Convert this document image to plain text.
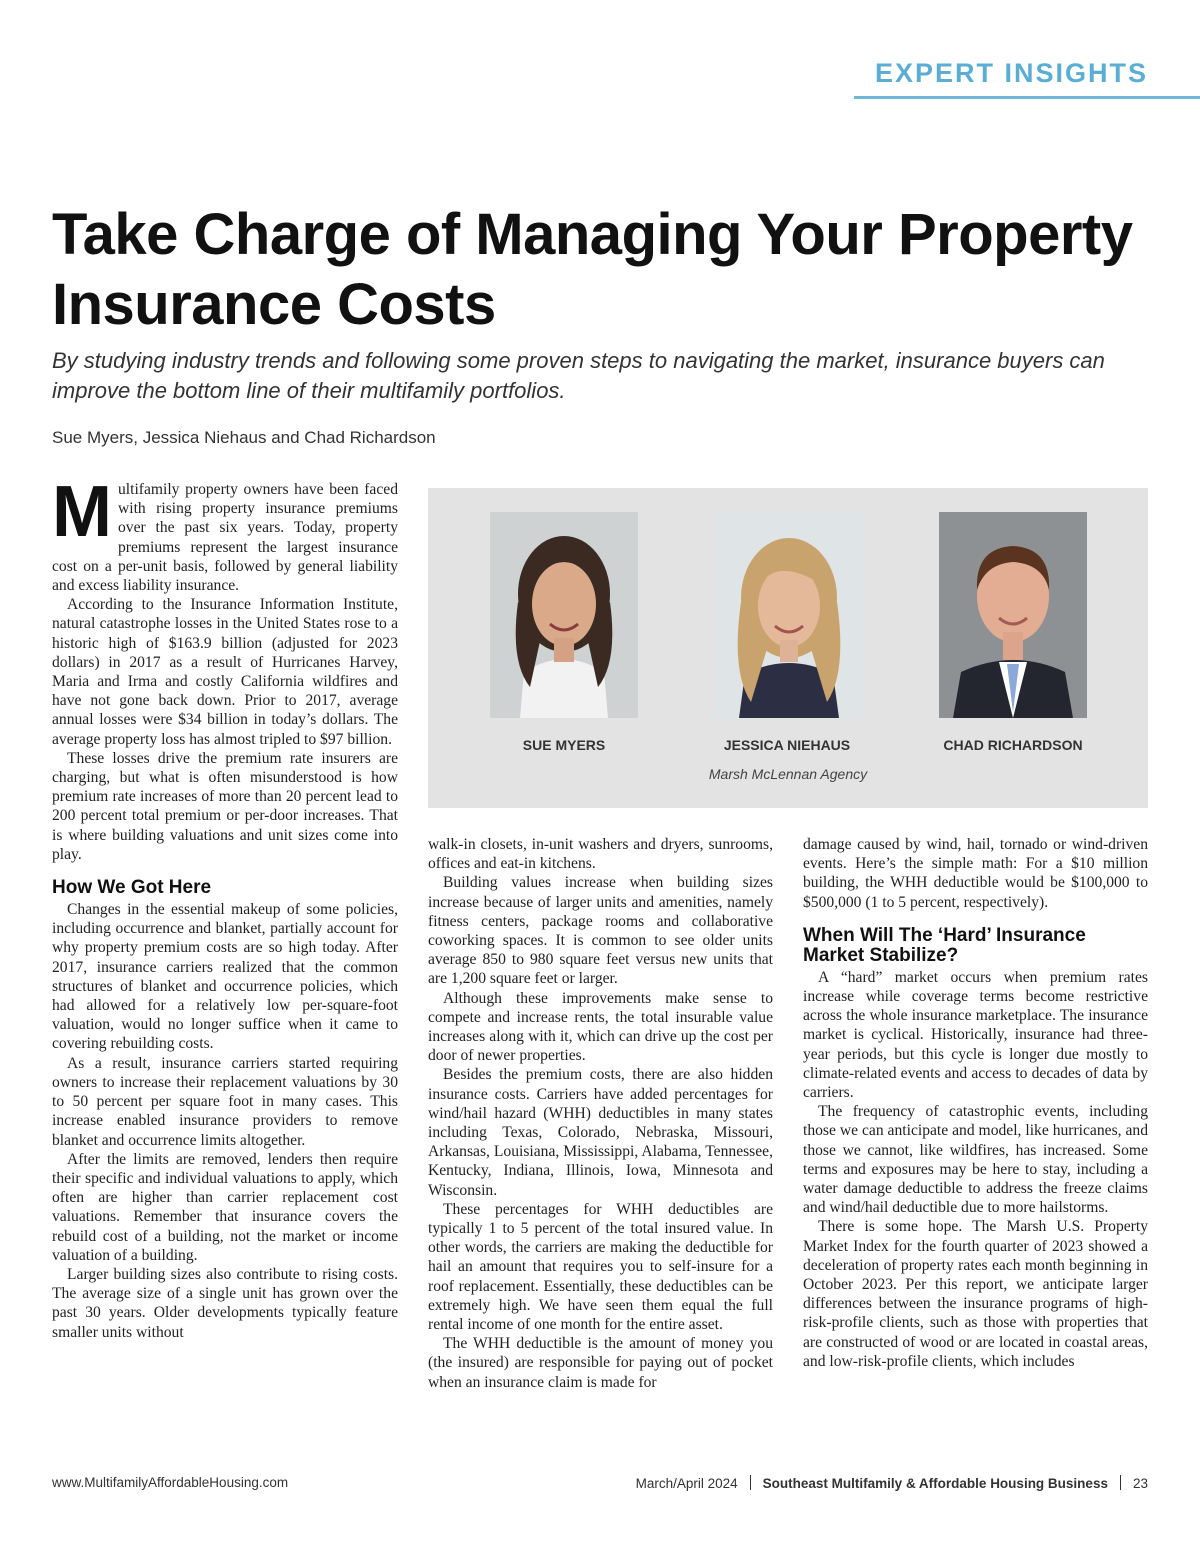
EXPERT INSIGHTS
Take Charge of Managing Your Property Insurance Costs

By studying industry trends and following some proven steps to navigating the market, insurance buyers can improve the bottom line of their multifamily portfolios.

Sue Myers, Jessica Niehaus and Chad Richardson

Multifamily property owners have been faced with rising property insurance premiums over the past six years. Today, property premiums represent the largest insurance cost on a per-unit basis, followed by general liability and excess liability insurance.

According to the Insurance Information Institute, natural catastrophe losses in the United States rose to a historic high of $163.9 billion (adjusted for 2023 dollars) in 2017 as a result of Hurricanes Harvey, Maria and Irma and costly California wildfires and have not gone back down. Prior to 2017, average annual losses were $34 billion in today’s dollars. The average property loss has almost tripled to $97 billion.

These losses drive the premium rate insurers are charging, but what is often misunderstood is how premium rate increases of more than 20 percent lead to 200 percent total premium or per-door increases. That is where building valuations and unit sizes come into play.

How We Got Here

Changes in the essential makeup of some policies, including occurrence and blanket, partially account for why property premium costs are so high today. After 2017, insurance carriers realized that the common structures of blanket and occurrence policies, which had allowed for a relatively low per-square-foot valuation, would no longer suffice when it came to covering rebuilding costs.

As a result, insurance carriers started requiring owners to increase their replacement valuations by 30 to 50 percent per square foot in many cases. This increase enabled insurance providers to remove blanket and occurrence limits altogether.

After the limits are removed, lenders then require their specific and individual valuations to apply, which often are higher than carrier replacement cost valuations. Remember that insurance covers the rebuild cost of a building, not the market or income valuation of a building.

Larger building sizes also contribute to rising costs. The average size of a single unit has grown over the past 30 years. Older developments typically feature smaller units without

SUE MYERS	JESSICA NIEHAUS	CHAD RICHARDSON
Marsh McLennan Agency

walk-in closets, in-unit washers and dryers, sunrooms, offices and eat-in kitchens.

Building values increase when building sizes increase because of larger units and amenities, namely fitness centers, package rooms and collaborative coworking spaces. It is common to see older units average 850 to 980 square feet versus new units that are 1,200 square feet or larger.

Although these improvements make sense to compete and increase rents, the total insurable value increases along with it, which can drive up the cost per door of newer properties.

Besides the premium costs, there are also hidden insurance costs. Carriers have added percentages for wind/hail hazard (WHH) deductibles in many states including Texas, Colorado, Nebraska, Missouri, Arkansas, Louisiana, Mississippi, Alabama, Tennessee, Kentucky, Indiana, Illinois, Iowa, Minnesota and Wisconsin.

These percentages for WHH deductibles are typically 1 to 5 percent of the total insured value. In other words, the carriers are making the deductible for hail an amount that requires you to self-insure for a roof replacement. Essentially, these deductibles can be extremely high. We have seen them equal the full rental income of one month for the entire asset.

The WHH deductible is the amount of money you (the insured) are responsible for paying out of pocket when an insurance claim is made for

damage caused by wind, hail, tornado or wind-driven events. Here’s the simple math: For a $10 million building, the WHH deductible would be $100,000 to $500,000 (1 to 5 percent, respectively).

When Will The ‘Hard’ Insurance Market Stabilize?

A “hard” market occurs when premium rates increase while coverage terms become restrictive across the whole insurance marketplace. The insurance market is cyclical. Historically, insurance had three-year periods, but this cycle is longer due mostly to climate-related events and access to decades of data by carriers.

The frequency of catastrophic events, including those we can anticipate and model, like hurricanes, and those we cannot, like wildfires, has increased. Some terms and exposures may be here to stay, including a water damage deductible to address the freeze claims and wind/hail deductible due to more hailstorms.

There is some hope. The Marsh U.S. Property Market Index for the fourth quarter of 2023 showed a deceleration of property rates each month beginning in October 2023. Per this report, we anticipate larger differences between the insurance programs of high-risk-profile clients, such as those with properties that are constructed of wood or are located in coastal areas, and low-risk-profile clients, which includes

www.MultifamilyAffordableHousing.com	March/April 2024 Southeast Multifamily & Affordable Housing Business 23
